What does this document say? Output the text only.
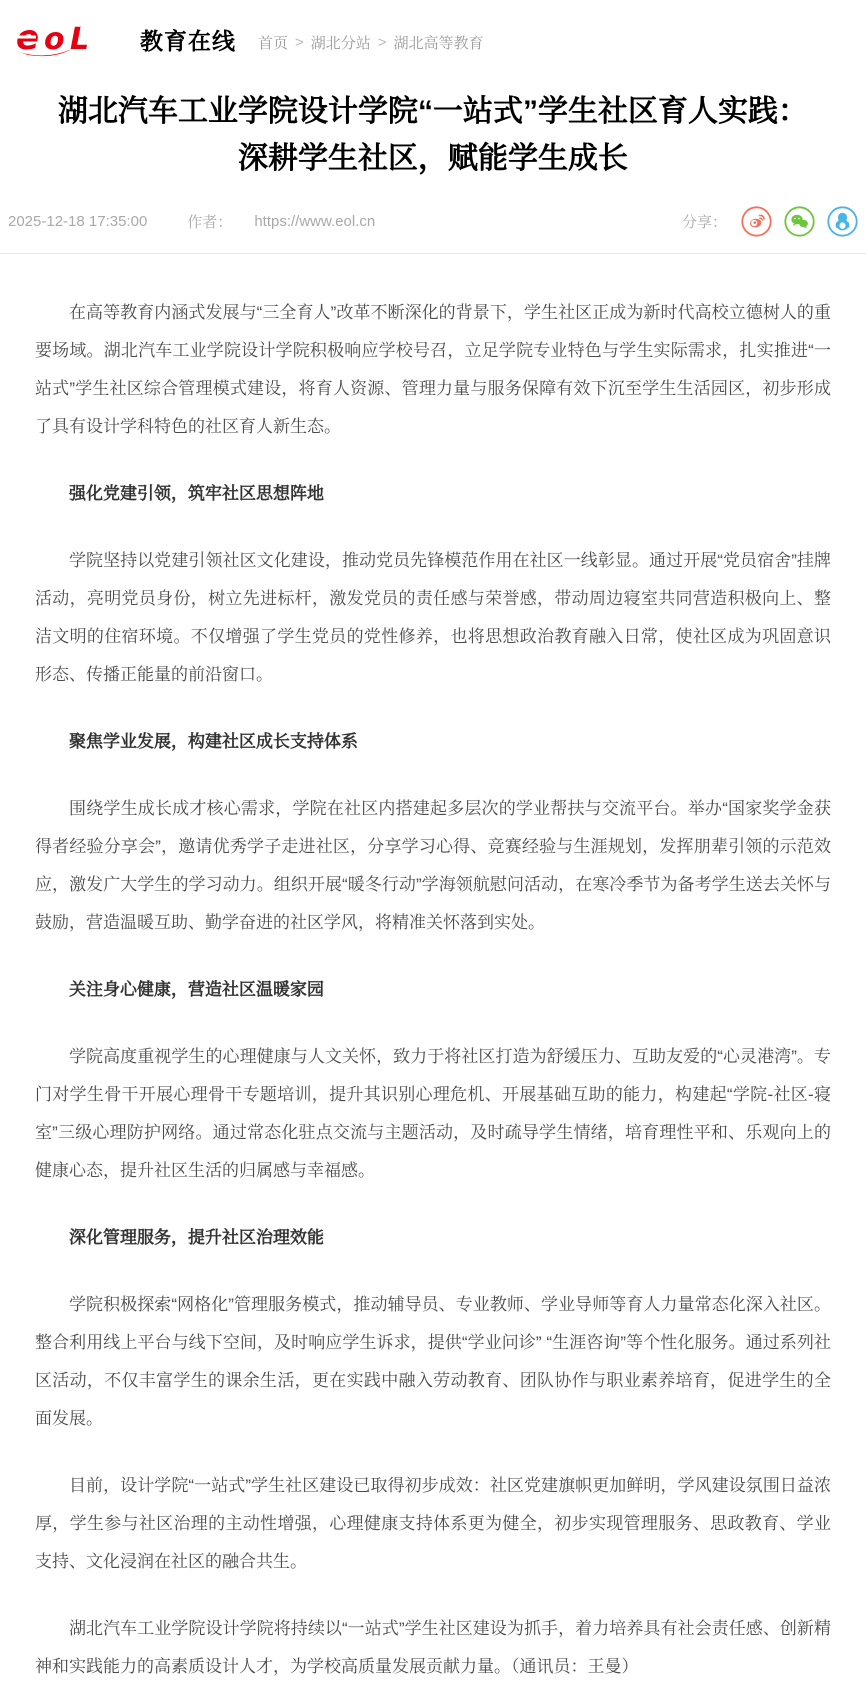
e o L 教育在线 首页 > 湖北分站 > 湖北高等教育
湖北汽车工业学院设计学院“一站式”学生社区育人实践：
深耕学生社区，赋能学生成长
2025-12-18 17:35:00	作者： https://www.eol.cn	分享：

在高等教育内涵式发展与“三全育人”改革不断深化的背景下，学生社区正成为新时代高校立德树人的重要场域。湖北汽车工业学院设计学院积极响应学校号召，立足学院专业特色与学生实际需求，扎实推进“一站式”学生社区综合管理模式建设，将育人资源、管理力量与服务保障有效下沉至学生生活园区，初步形成了具有设计学科特色的社区育人新生态。

强化党建引领，筑牢社区思想阵地

学院坚持以党建引领社区文化建设，推动党员先锋模范作用在社区一线彰显。通过开展“党员宿舍”挂牌活动，亮明党员身份，树立先进标杆，激发党员的责任感与荣誉感，带动周边寝室共同营造积极向上、整洁文明的住宿环境。不仅增强了学生党员的党性修养，也将思想政治教育融入日常，使社区成为巩固意识形态、传播正能量的前沿窗口。

聚焦学业发展，构建社区成长支持体系

围绕学生成长成才核心需求，学院在社区内搭建起多层次的学业帮扶与交流平台。举办“国家奖学金获得者经验分享会”，邀请优秀学子走进社区，分享学习心得、竞赛经验与生涯规划，发挥朋辈引领的示范效应，激发广大学生的学习动力。组织开展“暖冬行动”学海领航慰问活动，在寒冷季节为备考学生送去关怀与鼓励，营造温暖互助、勤学奋进的社区学风，将精准关怀落到实处。

关注身心健康，营造社区温暖家园

学院高度重视学生的心理健康与人文关怀，致力于将社区打造为舒缓压力、互助友爱的“心灵港湾”。专门对学生骨干开展心理骨干专题培训，提升其识别心理危机、开展基础互助的能力，构建起“学院-社区-寝室”三级心理防护网络。通过常态化驻点交流与主题活动，及时疏导学生情绪，培育理性平和、乐观向上的健康心态，提升社区生活的归属感与幸福感。

深化管理服务，提升社区治理效能

学院积极探索“网格化”管理服务模式，推动辅导员、专业教师、学业导师等育人力量常态化深入社区。整合利用线上平台与线下空间，及时响应学生诉求，提供“学业问诊” “生涯咨询”等个性化服务。通过系列社区活动，不仅丰富学生的课余生活，更在实践中融入劳动教育、团队协作与职业素养培育，促进学生的全面发展。

目前，设计学院“一站式”学生社区建设已取得初步成效：社区党建旗帜更加鲜明，学风建设氛围日益浓厚，学生参与社区治理的主动性增强，心理健康支持体系更为健全，初步实现管理服务、思政教育、学业支持、文化浸润在社区的融合共生。

湖北汽车工业学院设计学院将持续以“一站式”学生社区建设为抓手，着力培养具有社会责任感、创新精神和实践能力的高素质设计人才，为学校高质量发展贡献力量。（通讯员：王曼）
